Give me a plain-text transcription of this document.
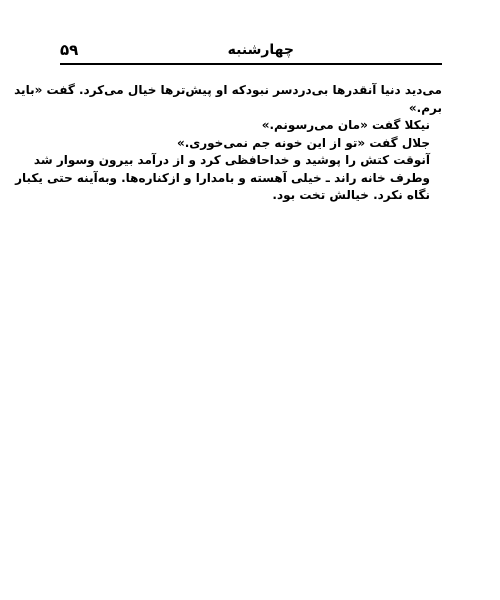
چهارشنبه
۵۹

می‌دید دنیا آنقدرها بی‌دردسر نبودکه او پیش‌ترها خیال می‌کرد. گفت «باید
برم.»

نیکلا گفت «مان می‌رسونم.»

جلال گفت «تو از این خونه جم نمی‌خوری.»

آنوقت کتش را پوشید و خداحافظی کرد و از درآمد بیرون وسوار شد
وطرف خانه راند ـ خیلی آهسته و بامدارا و ازکناره‌ها. وبه‌آینه حتی یکبار
نگاه نکرد. خیالش تخت بود.
